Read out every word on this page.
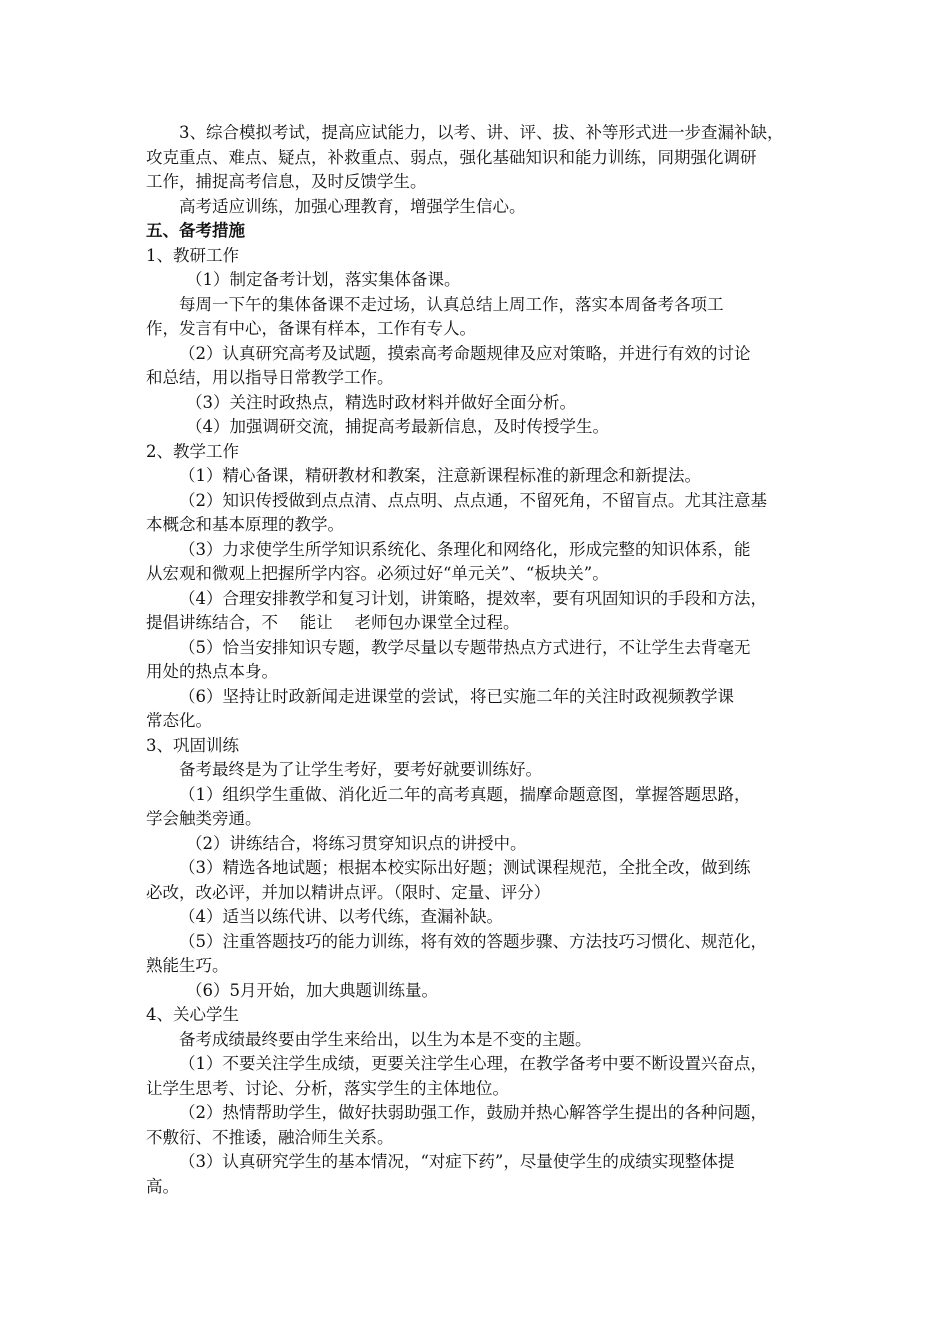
3、综合模拟考试，提高应试能力，以考、讲、评、拔、补等形式进一步查漏补缺，

攻克重点、难点、疑点，补救重点、弱点，强化基础知识和能力训练，同期强化调研

工作，捕捉高考信息，及时反馈学生。

高考适应训练，加强心理教育，增强学生信心。

五、备考措施

1、教研工作

（1）制定备考计划，落实集体备课。

每周一下午的集体备课不走过场，认真总结上周工作，落实本周备考各项工

作，发言有中心，备课有样本，工作有专人。

（2）认真研究高考及试题，摸索高考命题规律及应对策略，并进行有效的讨论

和总结，用以指导日常教学工作。

（3）关注时政热点，精选时政材料并做好全面分析。

（4）加强调研交流，捕捉高考最新信息，及时传授学生。

2、教学工作

（1）精心备课，精研教材和教案，注意新课程标准的新理念和新提法。

（2）知识传授做到点点清、点点明、点点通，不留死角，不留盲点。尤其注意基

本概念和基本原理的教学。

（3）力求使学生所学知识系统化、条理化和网络化，形成完整的知识体系，能

从宏观和微观上把握所学内容。必须过好“单元关”、“板块关”。

（4）合理安排教学和复习计划，讲策略，提效率，要有巩固知识的手段和方法，

提倡讲练结合，不　 能让　 老师包办课堂全过程。

（5）恰当安排知识专题，教学尽量以专题带热点方式进行，不让学生去背毫无

用处的热点本身。

（6）坚持让时政新闻走进课堂的尝试，将已实施二年的关注时政视频教学课

常态化。

3、巩固训练

备考最终是为了让学生考好，要考好就要训练好。

（1）组织学生重做、消化近二年的高考真题，揣摩命题意图，掌握答题思路，

学会触类旁通。

（2）讲练结合，将练习贯穿知识点的讲授中。

（3）精选各地试题；根据本校实际出好题；测试课程规范，全批全改，做到练

必改，改必评，并加以精讲点评。（限时、定量、评分）

（4）适当以练代讲、以考代练，查漏补缺。

（5）注重答题技巧的能力训练，将有效的答题步骤、方法技巧习惯化、规范化，

熟能生巧。

（6）5月开始，加大典题训练量。

4、关心学生

备考成绩最终要由学生来给出，以生为本是不变的主题。

（1）不要关注学生成绩，更要关注学生心理，在教学备考中要不断设置兴奋点，

让学生思考、讨论、分析，落实学生的主体地位。

（2）热情帮助学生，做好扶弱助强工作，鼓励并热心解答学生提出的各种问题，

不敷衍、不推诿，融洽师生关系。

（3）认真研究学生的基本情况，“对症下药”，尽量使学生的成绩实现整体提

高。
